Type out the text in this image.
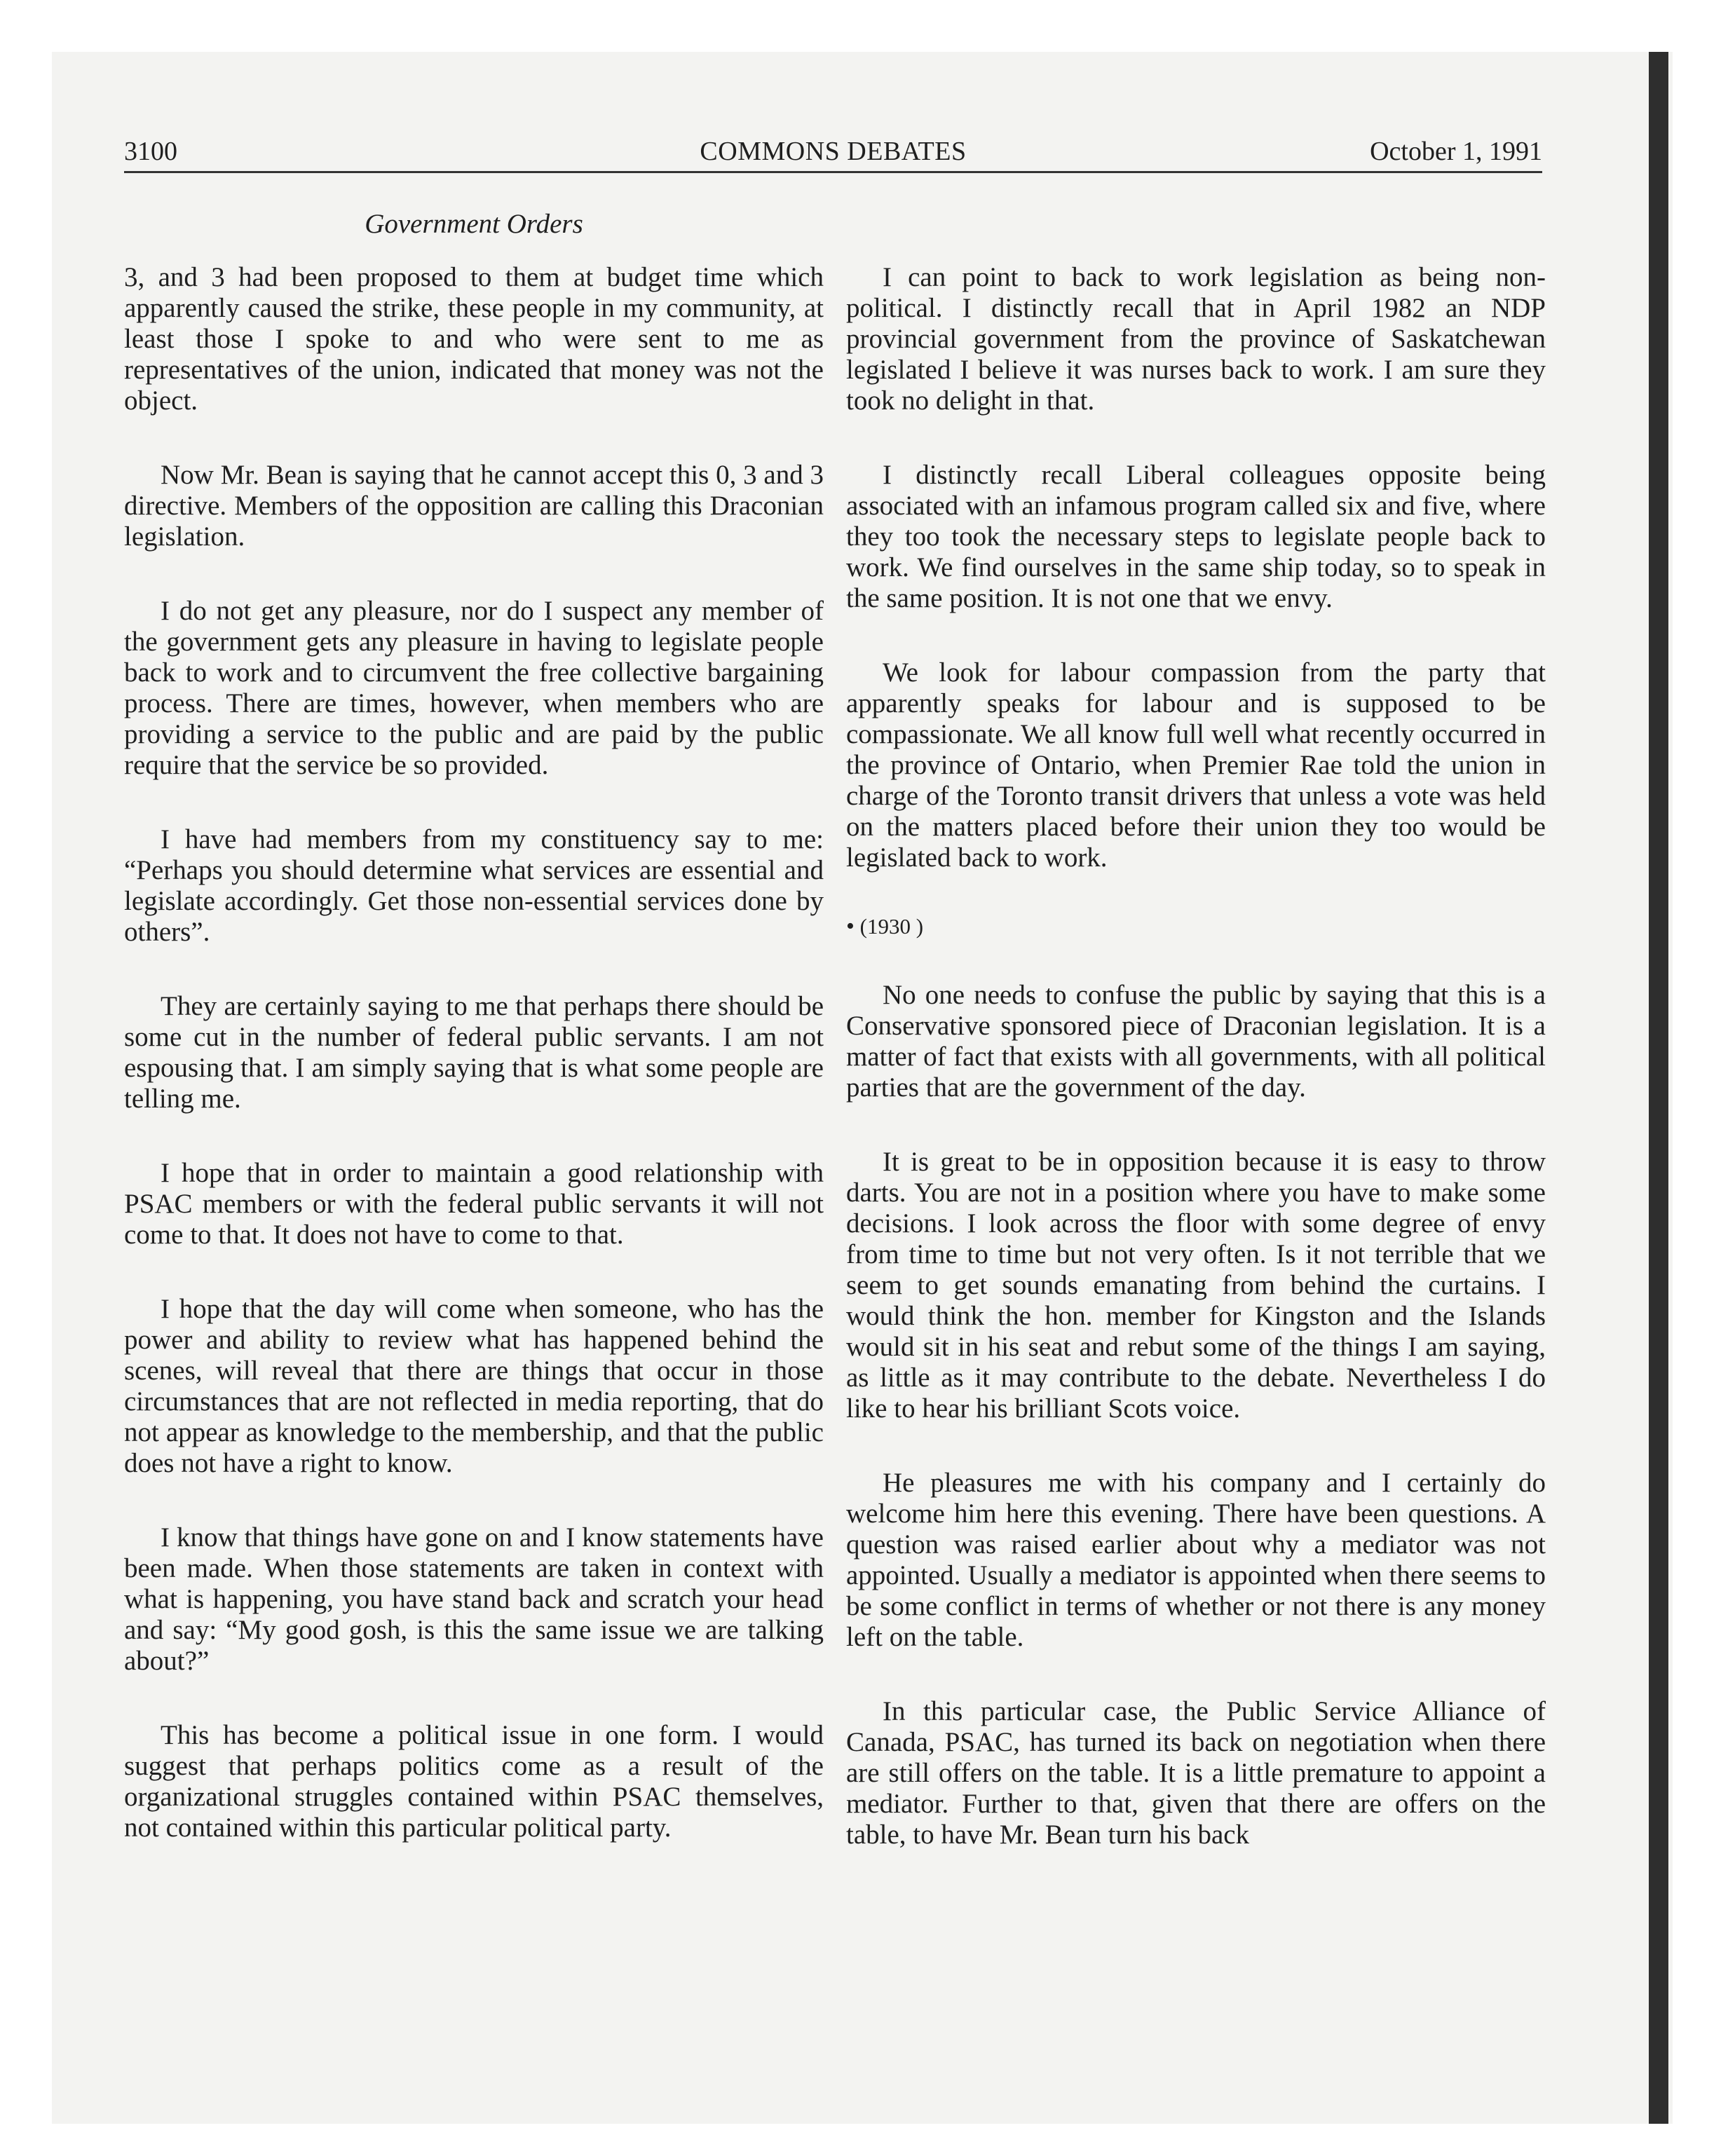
3100	COMMONS DEBATES	October 1, 1991
Government Orders

3, and 3 had been proposed to them at budget time which apparently caused the strike, these people in my community, at least those I spoke to and who were sent to me as representatives of the union, indicated that money was not the object.

Now Mr. Bean is saying that he cannot accept this 0, 3 and 3 directive. Members of the opposition are calling this Draconian legislation.

I do not get any pleasure, nor do I suspect any member of the government gets any pleasure in having to legislate people back to work and to circumvent the free collective bargaining process. There are times, however, when members who are providing a service to the public and are paid by the public require that the service be so provided.

I have had members from my constituency say to me: “Perhaps you should determine what services are essential and legislate accordingly. Get those non-essential services done by others”.

They are certainly saying to me that perhaps there should be some cut in the number of federal public servants. I am not espousing that. I am simply saying that is what some people are telling me.

I hope that in order to maintain a good relationship with PSAC members or with the federal public servants it will not come to that. It does not have to come to that.

I hope that the day will come when someone, who has the power and ability to review what has happened behind the scenes, will reveal that there are things that occur in those circumstances that are not reflected in media reporting, that do not appear as knowledge to the membership, and that the public does not have a right to know.

I know that things have gone on and I know statements have been made. When those statements are taken in context with what is happening, you have stand back and scratch your head and say: “My good gosh, is this the same issue we are talking about?”

This has become a political issue in one form. I would suggest that perhaps politics come as a result of the organizational struggles contained within PSAC themselves, not contained within this particular political party.

I can point to back to work legislation as being non-political. I distinctly recall that in April 1982 an NDP provincial government from the province of Saskatchewan legislated I believe it was nurses back to work. I am sure they took no delight in that.

I distinctly recall Liberal colleagues opposite being associated with an infamous program called six and five, where they too took the necessary steps to legislate people back to work. We find ourselves in the same ship today, so to speak in the same position. It is not one that we envy.

We look for labour compassion from the party that apparently speaks for labour and is supposed to be compassionate. We all know full well what recently occurred in the province of Ontario, when Premier Rae told the union in charge of the Toronto transit drivers that unless a vote was held on the matters placed before their union they too would be legislated back to work.

• (1930 )

No one needs to confuse the public by saying that this is a Conservative sponsored piece of Draconian legislation. It is a matter of fact that exists with all governments, with all political parties that are the government of the day.

It is great to be in opposition because it is easy to throw darts. You are not in a position where you have to make some decisions. I look across the floor with some degree of envy from time to time but not very often. Is it not terrible that we seem to get sounds emanating from behind the curtains. I would think the hon. member for Kingston and the Islands would sit in his seat and rebut some of the things I am saying, as little as it may contribute to the debate. Nevertheless I do like to hear his brilliant Scots voice.

He pleasures me with his company and I certainly do welcome him here this evening. There have been questions. A question was raised earlier about why a mediator was not appointed. Usually a mediator is appointed when there seems to be some conflict in terms of whether or not there is any money left on the table.

In this particular case, the Public Service Alliance of Canada, PSAC, has turned its back on negotiation when there are still offers on the table. It is a little premature to appoint a mediator. Further to that, given that there are offers on the table, to have Mr. Bean turn his back
